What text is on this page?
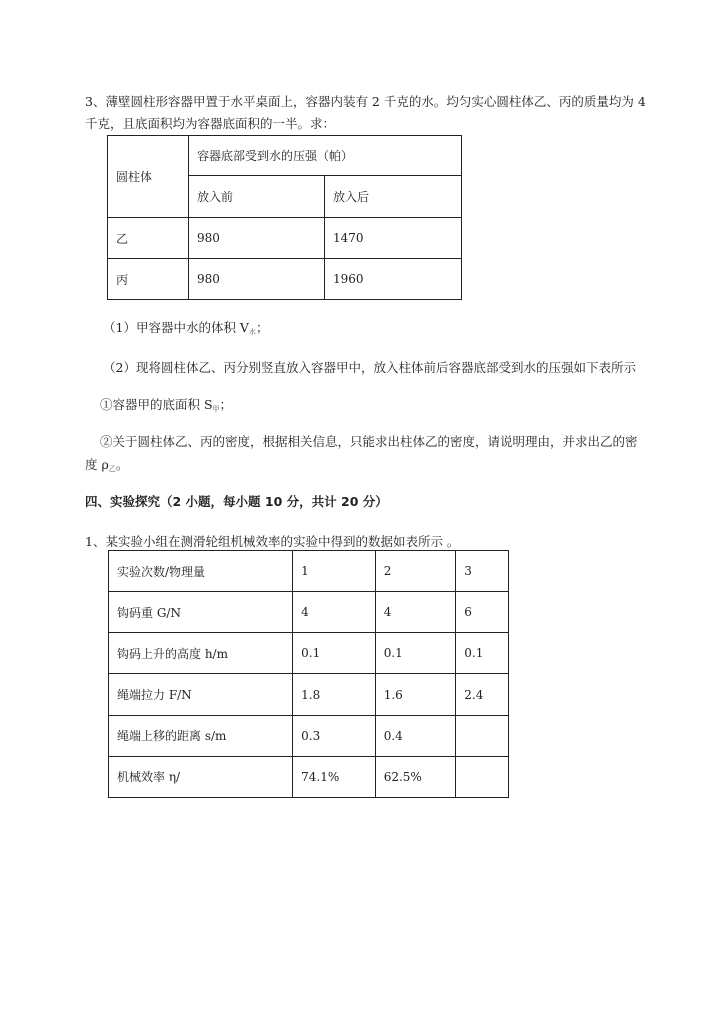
3、薄壁圆柱形容器甲置于水平桌面上，容器内装有 2 千克的水。均匀实心圆柱体乙、丙的质量均为 4
千克，且底面积均为容器底面积的一半。求：
圆柱体	容器底部受到水的压强（帕）	
	放入前	放入后
乙	980	1470
丙	980	1960
（1）甲容器中水的体积 $V_水$；
（2）现将圆柱体乙、丙分别竖直放入容器甲中，放入柱体前后容器底部受到水的压强如下表所示
①容器甲的底面积 $S_甲$；
②关于圆柱体乙、丙的密度，根据相关信息，只能求出柱体乙的密度，请说明理由，并求出乙的密
度 $\rho_乙$。
四、实验探究（2 小题，每小题 10 分，共计 20 分）
1、某实验小组在测滑轮组机械效率的实验中得到的数据如表所示 。
实验次数/物理量	1	2	3
钩码重 G/N	4	4	6
钩码上升的高度 h/m	0.1	0.1	0.1
绳端拉力 F/N	1.8	1.6	2.4
绳端上移的距离 s/m	0.3	0.4	
机械效率 η/	74.1%	62.5%	
